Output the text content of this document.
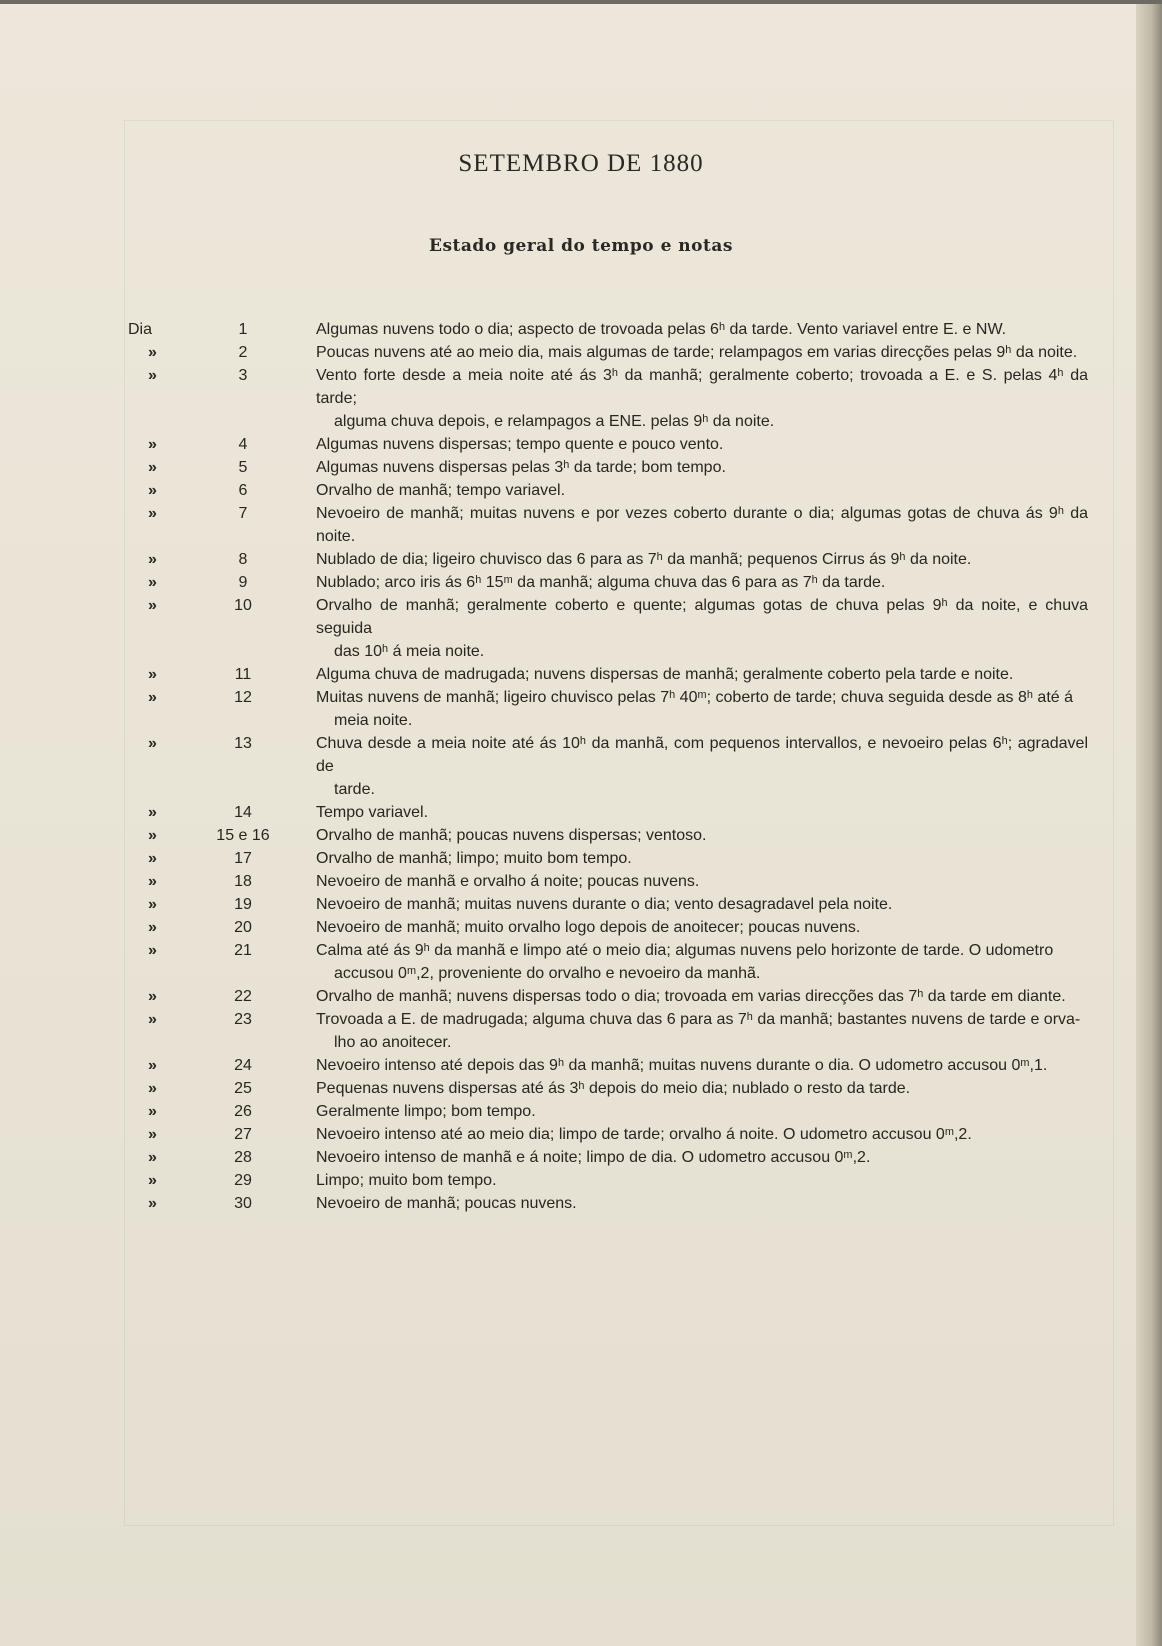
SETEMBRO DE 1880
Estado geral do tempo e notas
Dia	1	Algumas nuvens todo o dia; aspecto de trovoada pelas 6ʰ da tarde. Vento variavel entre E. e NW.
»	2	Poucas nuvens até ao meio dia, mais algumas de tarde; relampagos em varias direcções pelas 9ʰ da noite.
»	3	Vento forte desde a meia noite até ás 3ʰ da manhã; geralmente coberto; trovoada a E. e S. pelas 4ʰ da tarde;
alguma chuva depois, e relampagos a ENE. pelas 9ʰ da noite.
»	4	Algumas nuvens dispersas; tempo quente e pouco vento.
»	5	Algumas nuvens dispersas pelas 3ʰ da tarde; bom tempo.
»	6	Orvalho de manhã; tempo variavel.
»	7	Nevoeiro de manhã; muitas nuvens e por vezes coberto durante o dia; algumas gotas de chuva ás 9ʰ da noite.
»	8	Nublado de dia; ligeiro chuvisco das 6 para as 7ʰ da manhã; pequenos Cirrus ás 9ʰ da noite.
»	9	Nublado; arco iris ás 6ʰ 15ᵐ da manhã; alguma chuva das 6 para as 7ʰ da tarde.
»	10	Orvalho de manhã; geralmente coberto e quente; algumas gotas de chuva pelas 9ʰ da noite, e chuva seguida
das 10ʰ á meia noite.
»	11	Alguma chuva de madrugada; nuvens dispersas de manhã; geralmente coberto pela tarde e noite.
»	12	Muitas nuvens de manhã; ligeiro chuvisco pelas 7ʰ 40ᵐ; coberto de tarde; chuva seguida desde as 8ʰ até á
meia noite.
»	13	Chuva desde a meia noite até ás 10ʰ da manhã, com pequenos intervallos, e nevoeiro pelas 6ʰ; agradavel de
tarde.
»	14	Tempo variavel.
»	15 e 16	Orvalho de manhã; poucas nuvens dispersas; ventoso.
»	17	Orvalho de manhã; limpo; muito bom tempo.
»	18	Nevoeiro de manhã e orvalho á noite; poucas nuvens.
»	19	Nevoeiro de manhã; muitas nuvens durante o dia; vento desagradavel pela noite.
»	20	Nevoeiro de manhã; muito orvalho logo depois de anoitecer; poucas nuvens.
»	21	Calma até ás 9ʰ da manhã e limpo até o meio dia; algumas nuvens pelo horizonte de tarde. O udometro
accusou 0ᵐ,2, proveniente do orvalho e nevoeiro da manhã.
»	22	Orvalho de manhã; nuvens dispersas todo o dia; trovoada em varias direcções das 7ʰ da tarde em diante.
»	23	Trovoada a E. de madrugada; alguma chuva das 6 para as 7ʰ da manhã; bastantes nuvens de tarde e orva-
lho ao anoitecer.
»	24	Nevoeiro intenso até depois das 9ʰ da manhã; muitas nuvens durante o dia. O udometro accusou 0ᵐ,1.
»	25	Pequenas nuvens dispersas até ás 3ʰ depois do meio dia; nublado o resto da tarde.
»	26	Geralmente limpo; bom tempo.
»	27	Nevoeiro intenso até ao meio dia; limpo de tarde; orvalho á noite. O udometro accusou 0ᵐ,2.
»	28	Nevoeiro intenso de manhã e á noite; limpo de dia. O udometro accusou 0ᵐ,2.
»	29	Limpo; muito bom tempo.
»	30	Nevoeiro de manhã; poucas nuvens.
